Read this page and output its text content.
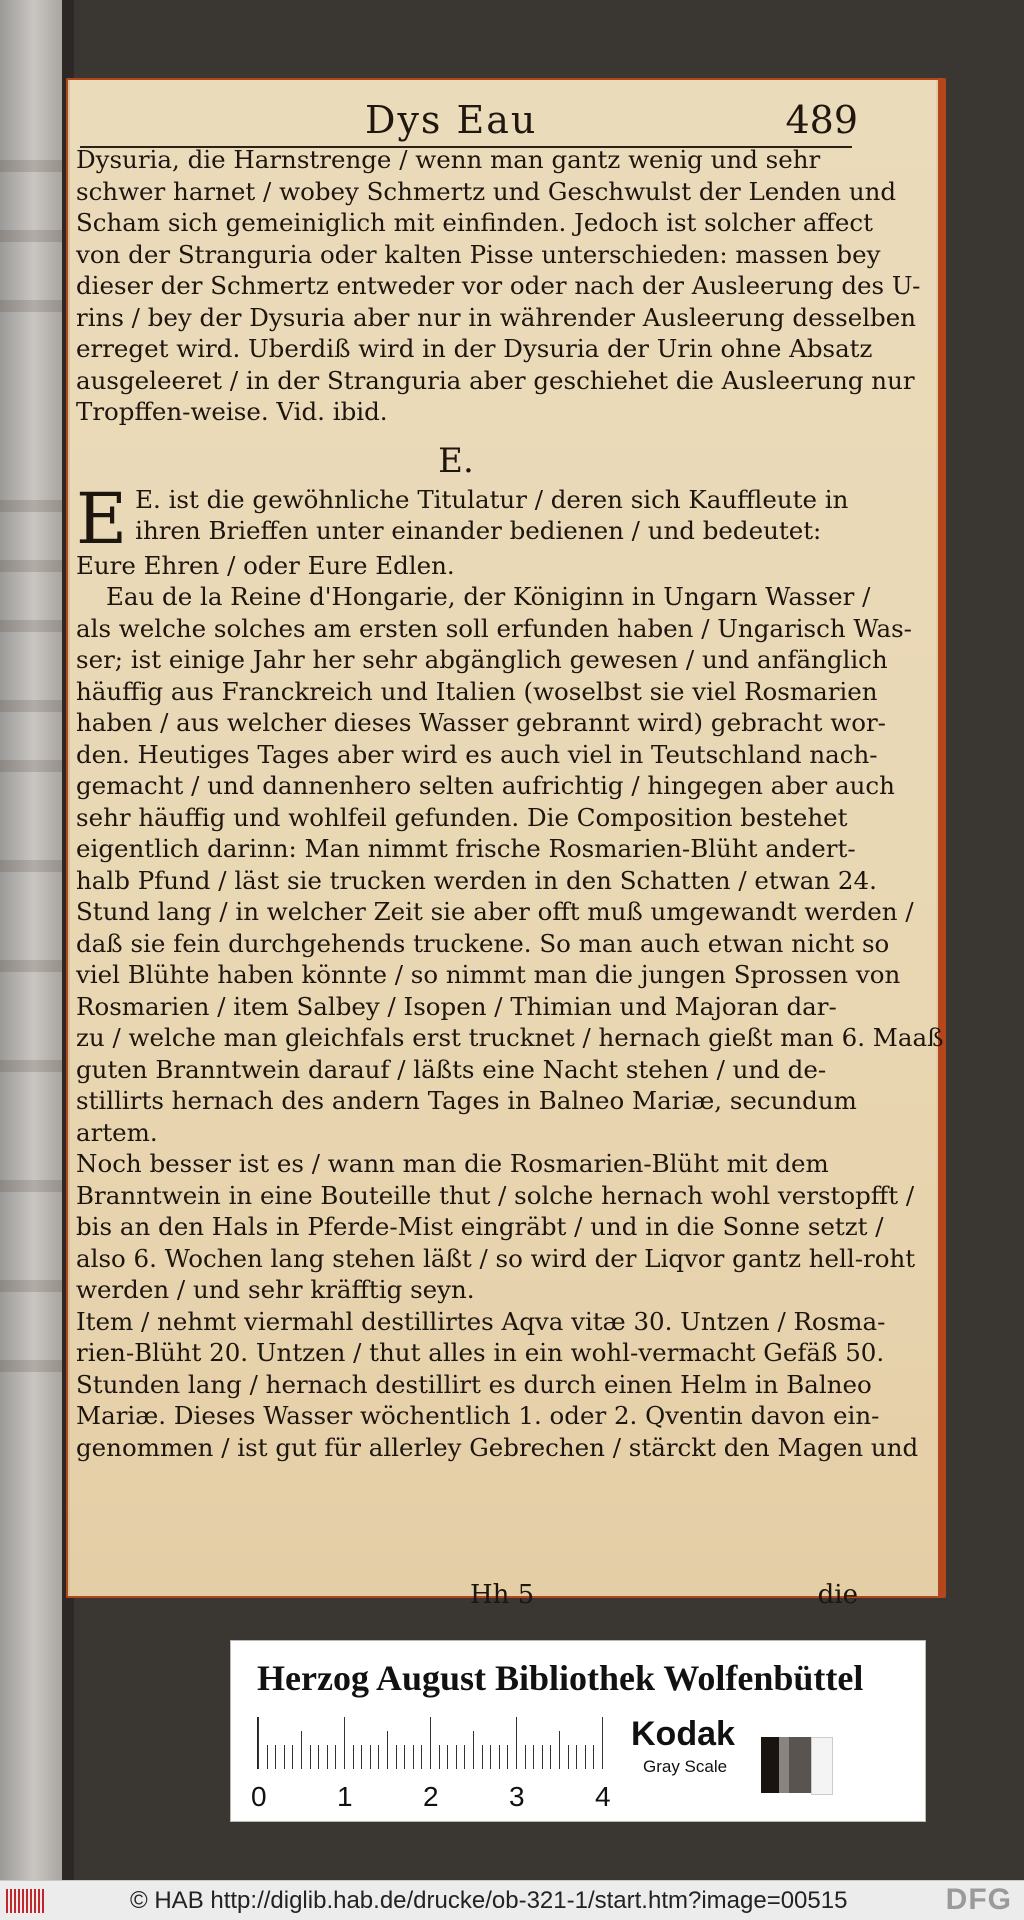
Dys Eau	489
Dysuria, die Harnstrenge / wenn man gantz wenig und sehr
schwer harnet / wobey Schmertz und Geschwulst der Lenden und
Scham sich gemeiniglich mit einfinden. Jedoch ist solcher affect
von der Stranguria oder kalten Pisse unterschieden: massen bey
dieser der Schmertz entweder vor oder nach der Ausleerung des U-
rins / bey der Dysuria aber nur in währender Ausleerung desselben
erreget wird. Uberdiß wird in der Dysuria der Urin ohne Absatz
ausgeleeret / in der Stranguria aber geschiehet die Ausleerung nur
Tropffen-weise. Vid. ibid.
E.
E E. ist die gewöhnliche Titulatur / deren sich Kauffleute in
ihren Brieffen unter einander bedienen / und bedeutet:
Eure Ehren / oder Eure Edlen.
Eau de la Reine d'Hongarie, der Königinn in Ungarn Wasser /
als welche solches am ersten soll erfunden haben / Ungarisch Was-
ser; ist einige Jahr her sehr abgänglich gewesen / und anfänglich
häuffig aus Franckreich und Italien (woselbst sie viel Rosmarien
haben / aus welcher dieses Wasser gebrannt wird) gebracht wor-
den. Heutiges Tages aber wird es auch viel in Teutschland nach-
gemacht / und dannenhero selten aufrichtig / hingegen aber auch
sehr häuffig und wohlfeil gefunden. Die Composition bestehet
eigentlich darinn: Man nimmt frische Rosmarien-Blüht andert-
halb Pfund / läst sie trucken werden in den Schatten / etwan 24.
Stund lang / in welcher Zeit sie aber offt muß umgewandt werden /
daß sie fein durchgehends truckene. So man auch etwan nicht so
viel Blühte haben könnte / so nimmt man die jungen Sprossen von
Rosmarien / item Salbey / Isopen / Thimian und Majoran dar-
zu / welche man gleichfals erst trucknet / hernach gießt man 6. Maaß
guten Branntwein darauf / läßts eine Nacht stehen / und de-
stillirts hernach des andern Tages in Balneo Mariæ, secundum
artem.
Noch besser ist es / wann man die Rosmarien-Blüht mit dem
Branntwein in eine Bouteille thut / solche hernach wohl verstopfft /
bis an den Hals in Pferde-Mist eingräbt / und in die Sonne setzt /
also 6. Wochen lang stehen läßt / so wird der Liqvor gantz hell-roht
werden / und sehr kräfftig seyn.
Item / nehmt viermahl destillirtes Aqva vitæ 30. Untzen / Rosma-
rien-Blüht 20. Untzen / thut alles in ein wohl-vermacht Gefäß 50.
Stunden lang / hernach destillirt es durch einen Helm in Balneo
Mariæ. Dieses Wasser wöchentlich 1. oder 2. Qventin davon ein-
genommen / ist gut für allerley Gebrechen / stärckt den Magen und
Hh 5	die
Herzog August Bibliothek Wolfenbüttel
0	1	2	3	4
Kodak
Gray Scale
© HAB http://diglib.hab.de/drucke/ob-321-1/start.htm?image=00515	DFG
